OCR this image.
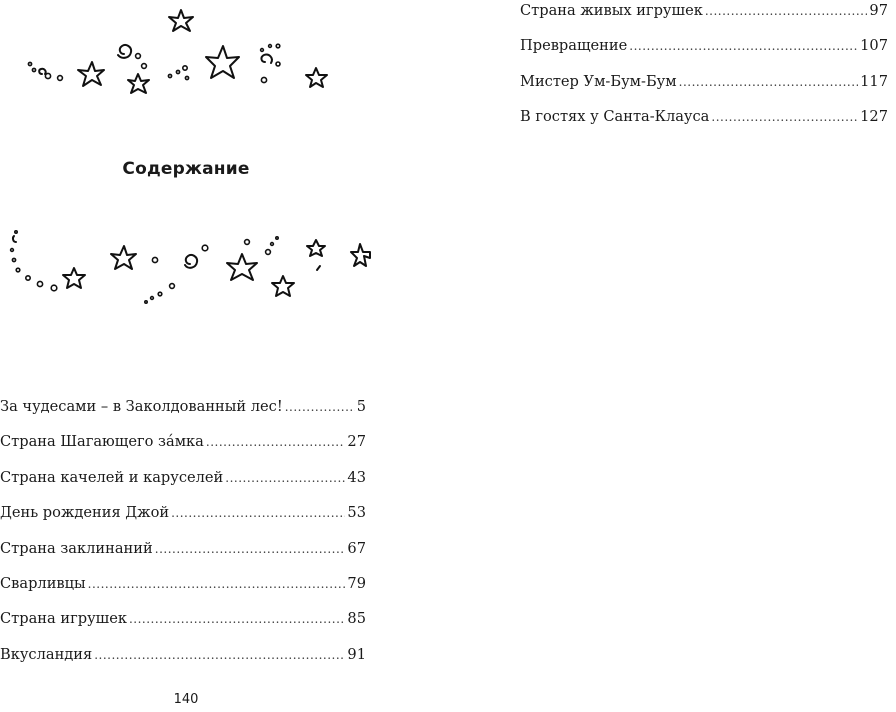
Содержание
За чудесами – в Заколдованный лес! .....	5
Страна Шагающего зáмка .....	27
Страна качелей и каруселей .....	43
День рождения Джой .....	53
Страна заклинаний .....	67
Сварливцы .....	79
Страна игрушек .....	85
Вкусландия .....	91
140
Страна живых игрушек .....	97
Превращение .....	107
Мистер Ум-Бум-Бум .....	117
В гостях у Санта-Клауса .....	127
